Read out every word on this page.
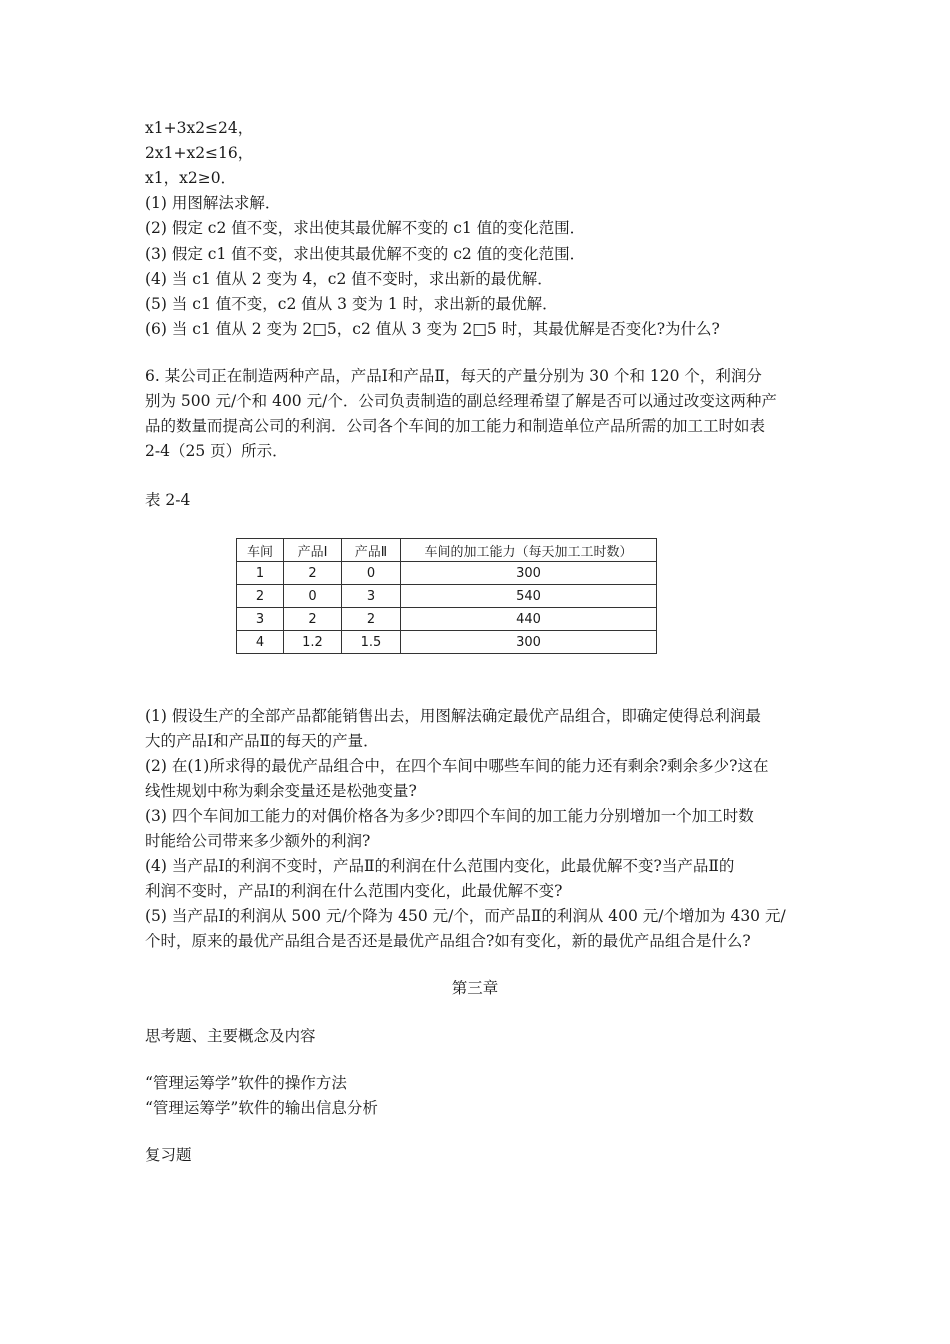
x1+3x2≤24，
2x1+x2≤16，
x1，x2≥0．
(1) 用图解法求解．
(2) 假定 c2 值不变，求出使其最优解不变的 c1 值的变化范围．
(3) 假定 c1 值不变，求出使其最优解不变的 c2 值的变化范围．
(4) 当 c1 值从 2 变为 4，c2 值不变时，求出新的最优解．
(5) 当 c1 值不变，c2 值从 3 变为 1 时，求出新的最优解．
(6) 当 c1 值从 2 变为 2□5，c2 值从 3 变为 2□5 时，其最优解是否变化?为什么?
6. 某公司正在制造两种产品，产品Ⅰ和产品Ⅱ，每天的产量分别为 30 个和 120 个，利润分
别为 500 元/个和 400 元/个．公司负责制造的副总经理希望了解是否可以通过改变这两种产
品的数量而提高公司的利润．公司各个车间的加工能力和制造单位产品所需的加工工时如表
2-4（25 页）所示．
表 2-4
车间	产品Ⅰ	产品Ⅱ	车间的加工能力（每天加工工时数）
1	2	0	300
2	0	3	540
3	2	2	440
4	1.2	1.5	300
(1) 假设生产的全部产品都能销售出去，用图解法确定最优产品组合，即确定使得总利润最
大的产品Ⅰ和产品Ⅱ的每天的产量．
(2) 在(1)所求得的最优产品组合中，在四个车间中哪些车间的能力还有剩余?剩余多少?这在
线性规划中称为剩余变量还是松弛变量?
(3) 四个车间加工能力的对偶价格各为多少?即四个车间的加工能力分别增加一个加工时数
时能给公司带来多少额外的利润?
(4) 当产品Ⅰ的利润不变时，产品Ⅱ的利润在什么范围内变化，此最优解不变?当产品Ⅱ的
利润不变时，产品Ⅰ的利润在什么范围内变化，此最优解不变?
(5) 当产品Ⅰ的利润从 500 元/个降为 450 元/个，而产品Ⅱ的利润从 400 元/个增加为 430 元/
个时，原来的最优产品组合是否还是最优产品组合?如有变化，新的最优产品组合是什么?
第三章
思考题、主要概念及内容
“管理运筹学”软件的操作方法
“管理运筹学”软件的输出信息分析
复习题
